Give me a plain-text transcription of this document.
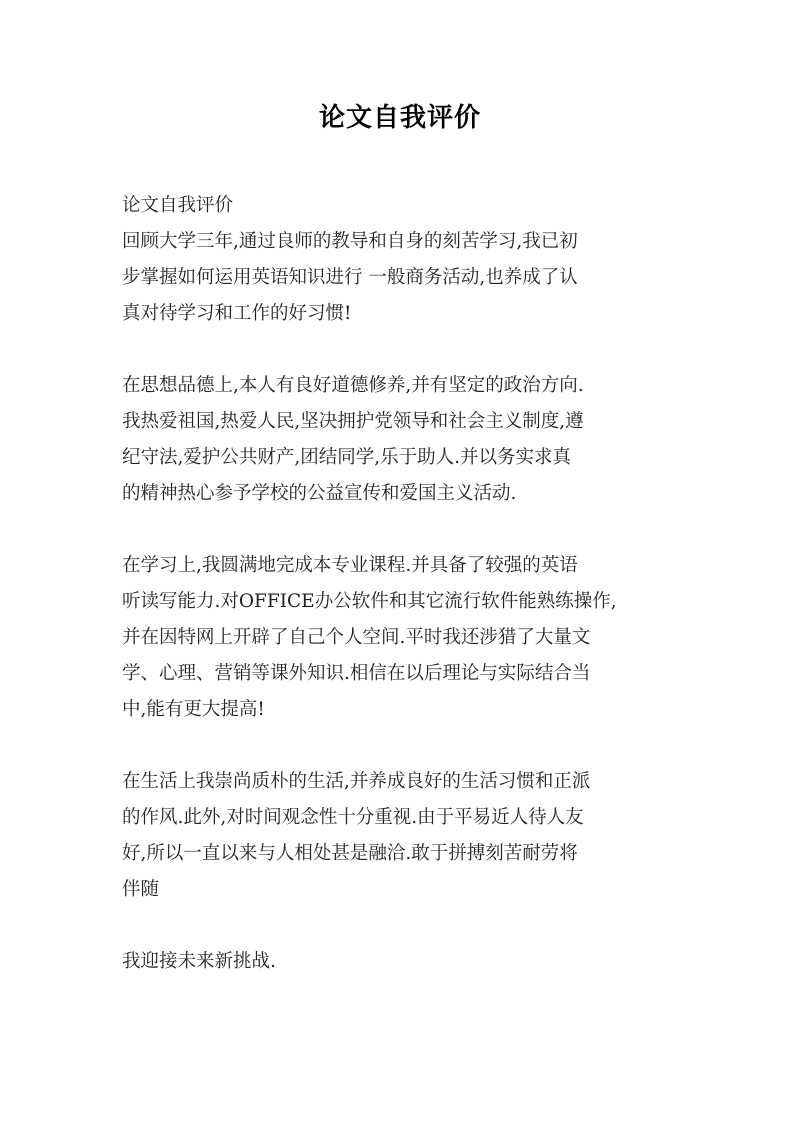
论文自我评价
论文自我评价
回顾大学三年,通过良师的教导和自身的刻苦学习,我已初
步掌握如何运用英语知识进行 一般商务活动,也养成了认
真对待学习和工作的好习惯!
在思想品德上,本人有良好道德修养,并有坚定的政治方向.
我热爱祖国,热爱人民,坚决拥护党领导和社会主义制度,遵
纪守法,爱护公共财产,团结同学,乐于助人.并以务实求真
的精神热心参予学校的公益宣传和爱国主义活动.
在学习上,我圆满地完成本专业课程.并具备了较强的英语
听读写能力.对OFFICE办公软件和其它流行软件能熟练操作,
并在因特网上开辟了自己个人空间.平时我还涉猎了大量文
学、心理、营销等课外知识.相信在以后理论与实际结合当
中,能有更大提高!
在生活上我崇尚质朴的生活,并养成良好的生活习惯和正派
的作风.此外,对时间观念性十分重视.由于平易近人待人友
好,所以一直以来与人相处甚是融洽.敢于拼搏刻苦耐劳将
伴随
我迎接未来新挑战.
